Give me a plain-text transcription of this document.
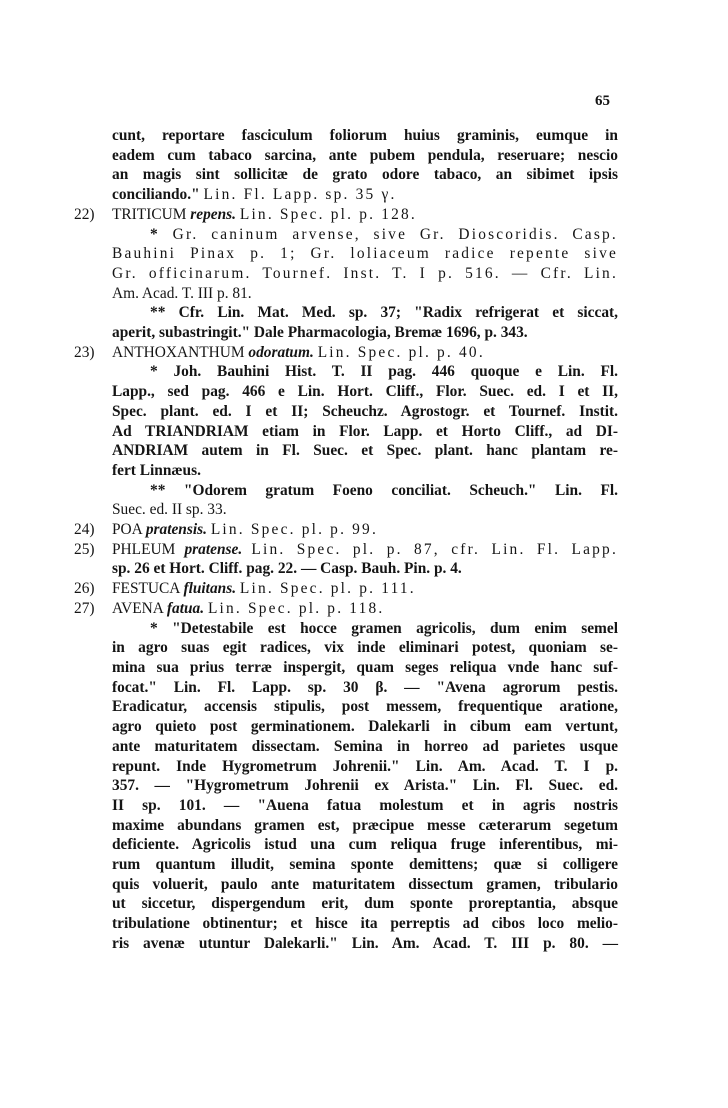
65
cunt, reportare fasciculum foliorum huius graminis, eumque in
eadem cum tabaco sarcina, ante pubem pendula, reseruare; nescio
an magis sint sollicitæ de grato odore tabaco, an sibimet ipsis
conciliando." Lin. Fl. Lapp. sp. 35 γ.
22)	TRITICUM repens. Lin. Spec. pl. p. 128.
* Gr. caninum arvense, sive Gr. Dioscoridis. Casp.
Bauhini Pinax p. 1; Gr. loliaceum radice repente sive
Gr. officinarum. Tournef. Inst. T. I p. 516. — Cfr. Lin.
Am. Acad. T. III p. 81.
** Cfr. Lin. Mat. Med. sp. 37; "Radix refrigerat et siccat,
aperit, subastringit." Dale Pharmacologia, Bremæ 1696, p. 343.
23)	ANTHOXANTHUM odoratum. Lin. Spec. pl. p. 40.
* Joh. Bauhini Hist. T. II pag. 446 quoque e Lin. Fl.
Lapp., sed pag. 466 e Lin. Hort. Cliff., Flor. Suec. ed. I et II,
Spec. plant. ed. I et II; Scheuchz. Agrostogr. et Tournef. Instit.
Ad TRIANDRIAM etiam in Flor. Lapp. et Horto Cliff., ad DI-
ANDRIAM autem in Fl. Suec. et Spec. plant. hanc plantam re-
fert Linnæus.
** "Odorem gratum Foeno conciliat. Scheuch." Lin. Fl.
Suec. ed. II sp. 33.
24)	POA pratensis. Lin. Spec. pl. p. 99.
25)	PHLEUM pratense. Lin. Spec. pl. p. 87, cfr. Lin. Fl. Lapp.
sp. 26 et Hort. Cliff. pag. 22. — Casp. Bauh. Pin. p. 4.
26)	FESTUCA fluitans. Lin. Spec. pl. p. 111.
27)	AVENA fatua. Lin. Spec. pl. p. 118.
* "Detestabile est hocce gramen agricolis, dum enim semel
in agro suas egit radices, vix inde eliminari potest, quoniam se-
mina sua prius terræ inspergit, quam seges reliqua vnde hanc suf-
focat." Lin. Fl. Lapp. sp. 30 β. — "Avena agrorum pestis.
Eradicatur, accensis stipulis, post messem, frequentique aratione,
agro quieto post germinationem. Dalekarli in cibum eam vertunt,
ante maturitatem dissectam. Semina in horreo ad parietes usque
repunt. Inde Hygrometrum Johrenii." Lin. Am. Acad. T. I p.
357. — "Hygrometrum Johrenii ex Arista." Lin. Fl. Suec. ed.
II sp. 101. — "Auena fatua molestum et in agris nostris
maxime abundans gramen est, præcipue messe cæterarum segetum
deficiente. Agricolis istud una cum reliqua fruge inferentibus, mi-
rum quantum illudit, semina sponte demittens; quæ si colligere
quis voluerit, paulo ante maturitatem dissectum gramen, tribulario
ut siccetur, dispergendum erit, dum sponte proreptantia, absque
tribulatione obtinentur; et hisce ita perreptis ad cibos loco melio-
ris avenæ utuntur Dalekarli." Lin. Am. Acad. T. III p. 80. —
